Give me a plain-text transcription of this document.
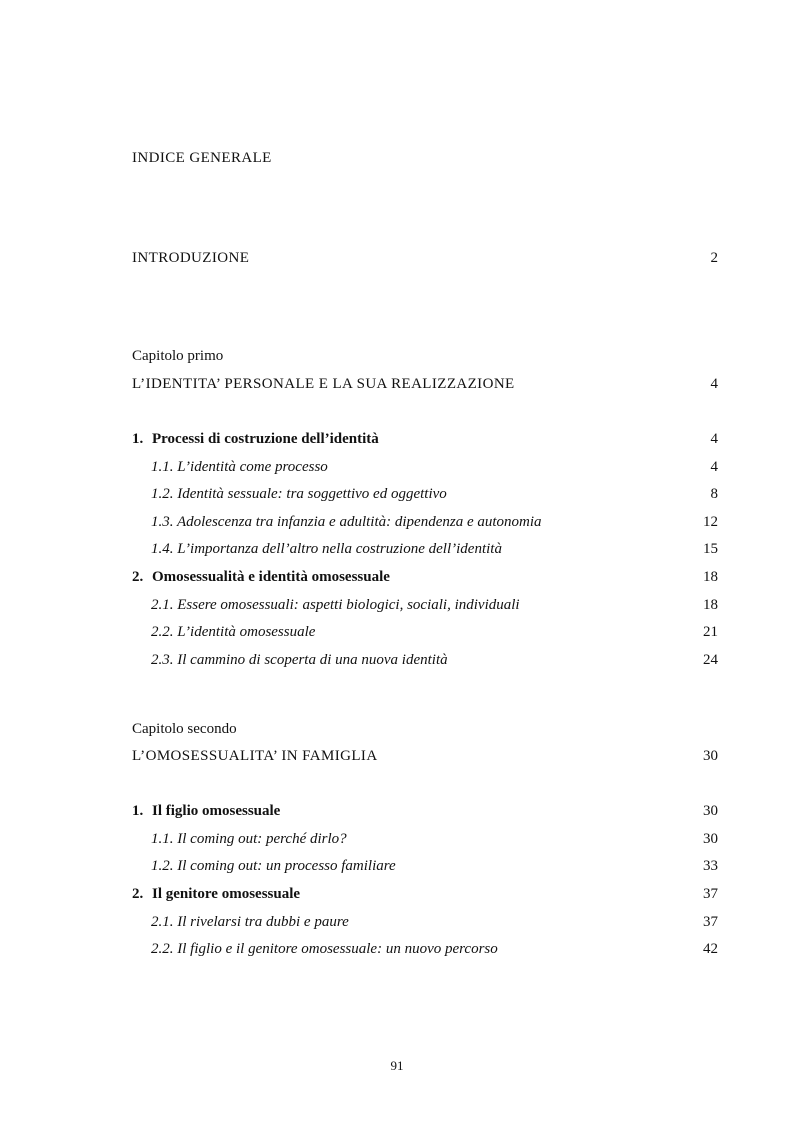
INDICE GENERALE
INTRODUZIONE	2
Capitolo primo
L’IDENTITA’ PERSONALE E LA SUA REALIZZAZIONE	4
1. Processi di costruzione dell’identità	4
1.1. L’identità come processo	4
1.2. Identità sessuale: tra soggettivo ed oggettivo	8
1.3. Adolescenza tra infanzia e adultità: dipendenza e autonomia	12
1.4. L’importanza dell’altro nella costruzione dell’identità	15
2. Omosessualità e identità omosessuale	18
2.1. Essere omosessuali: aspetti biologici, sociali, individuali	18
2.2. L’identità omosessuale	21
2.3. Il cammino di scoperta di una nuova identità	24
Capitolo secondo
L’OMOSESSUALITA’ IN FAMIGLIA	30
1. Il figlio omosessuale	30
1.1. Il coming out: perché dirlo?	30
1.2. Il coming out: un processo familiare	33
2. Il genitore omosessuale	37
2.1. Il rivelarsi tra dubbi e paure	37
2.2. Il figlio e il genitore omosessuale: un nuovo percorso	42
91
